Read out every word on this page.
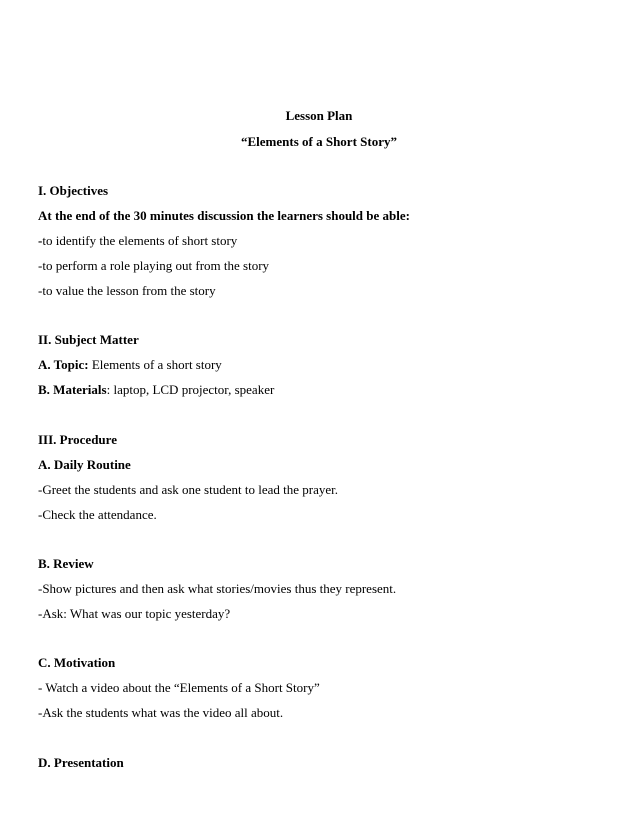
Lesson Plan
“Elements of a Short Story”
I. Objectives
At the end of the 30 minutes discussion the learners should be able:
-to identify the elements of short story
-to perform a role playing out from the story
-to value the lesson from the story
II. Subject Matter
A. Topic: Elements of a short story
B. Materials: laptop, LCD projector, speaker
III. Procedure
A. Daily Routine
-Greet the students and ask one student to lead the prayer.
-Check the attendance.
B. Review
-Show pictures and then ask what stories/movies thus they represent.
-Ask: What was our topic yesterday?
C. Motivation
- Watch a video about the “Elements of a Short Story”
-Ask the students what was the video all about.
D. Presentation
